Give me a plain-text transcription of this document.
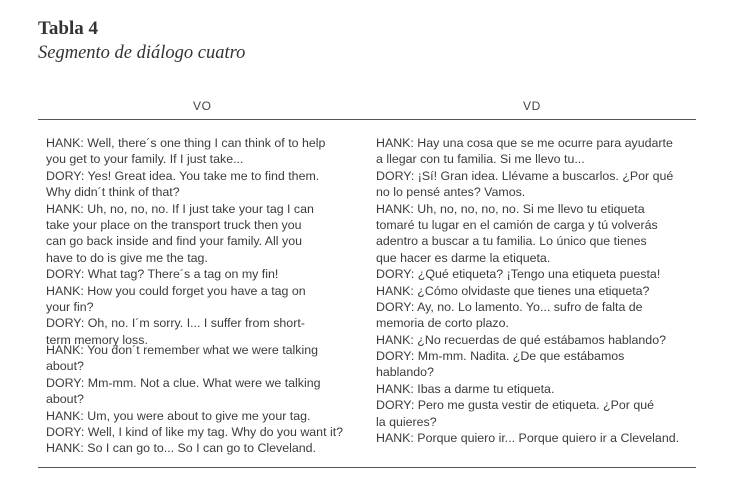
Tabla 4
Segmento de diálogo cuatro
VO	VD
HANK: Well, there´s one thing I can think of to help
you get to your family. If I just take...
DORY: Yes! Great idea. You take me to find them.
Why didn´t think of that?
HANK: Uh, no, no, no. If I just take your tag I can
take your place on the transport truck then you
can go back inside and find your family. All you
have to do is give me the tag.
DORY: What tag? There´s a tag on my fin!
HANK: How you could forget you have a tag on
your fin?
DORY: Oh, no. I´m sorry. I... I suffer from short-
term memory loss.
HANK: You don´t remember what we were talking
about?
DORY: Mm-mm. Not a clue. What were we talking
about?
HANK: Um, you were about to give me your tag.
DORY: Well, I kind of like my tag. Why do you want it?
HANK: So I can go to... So I can go to Cleveland.
HANK: Hay una cosa que se me ocurre para ayudarte
a llegar con tu familia. Si me llevo tu...
DORY: ¡Sí! Gran idea. Llévame a buscarlos. ¿Por qué
no lo pensé antes? Vamos.
HANK: Uh, no, no, no, no. Si me llevo tu etiqueta
tomaré tu lugar en el camión de carga y tú volverás
adentro a buscar a tu familia. Lo único que tienes
que hacer es darme la etiqueta.
DORY: ¿Qué etiqueta? ¡Tengo una etiqueta puesta!
HANK: ¿Cómo olvidaste que tienes una etiqueta?
DORY: Ay, no. Lo lamento. Yo... sufro de falta de
memoria de corto plazo.
HANK: ¿No recuerdas de qué estábamos hablando?
DORY: Mm-mm. Nadita. ¿De que estábamos
hablando?
HANK: Ibas a darme tu etiqueta.
DORY: Pero me gusta vestir de etiqueta. ¿Por qué
la quieres?
HANK: Porque quiero ir... Porque quiero ir a Cleveland.
